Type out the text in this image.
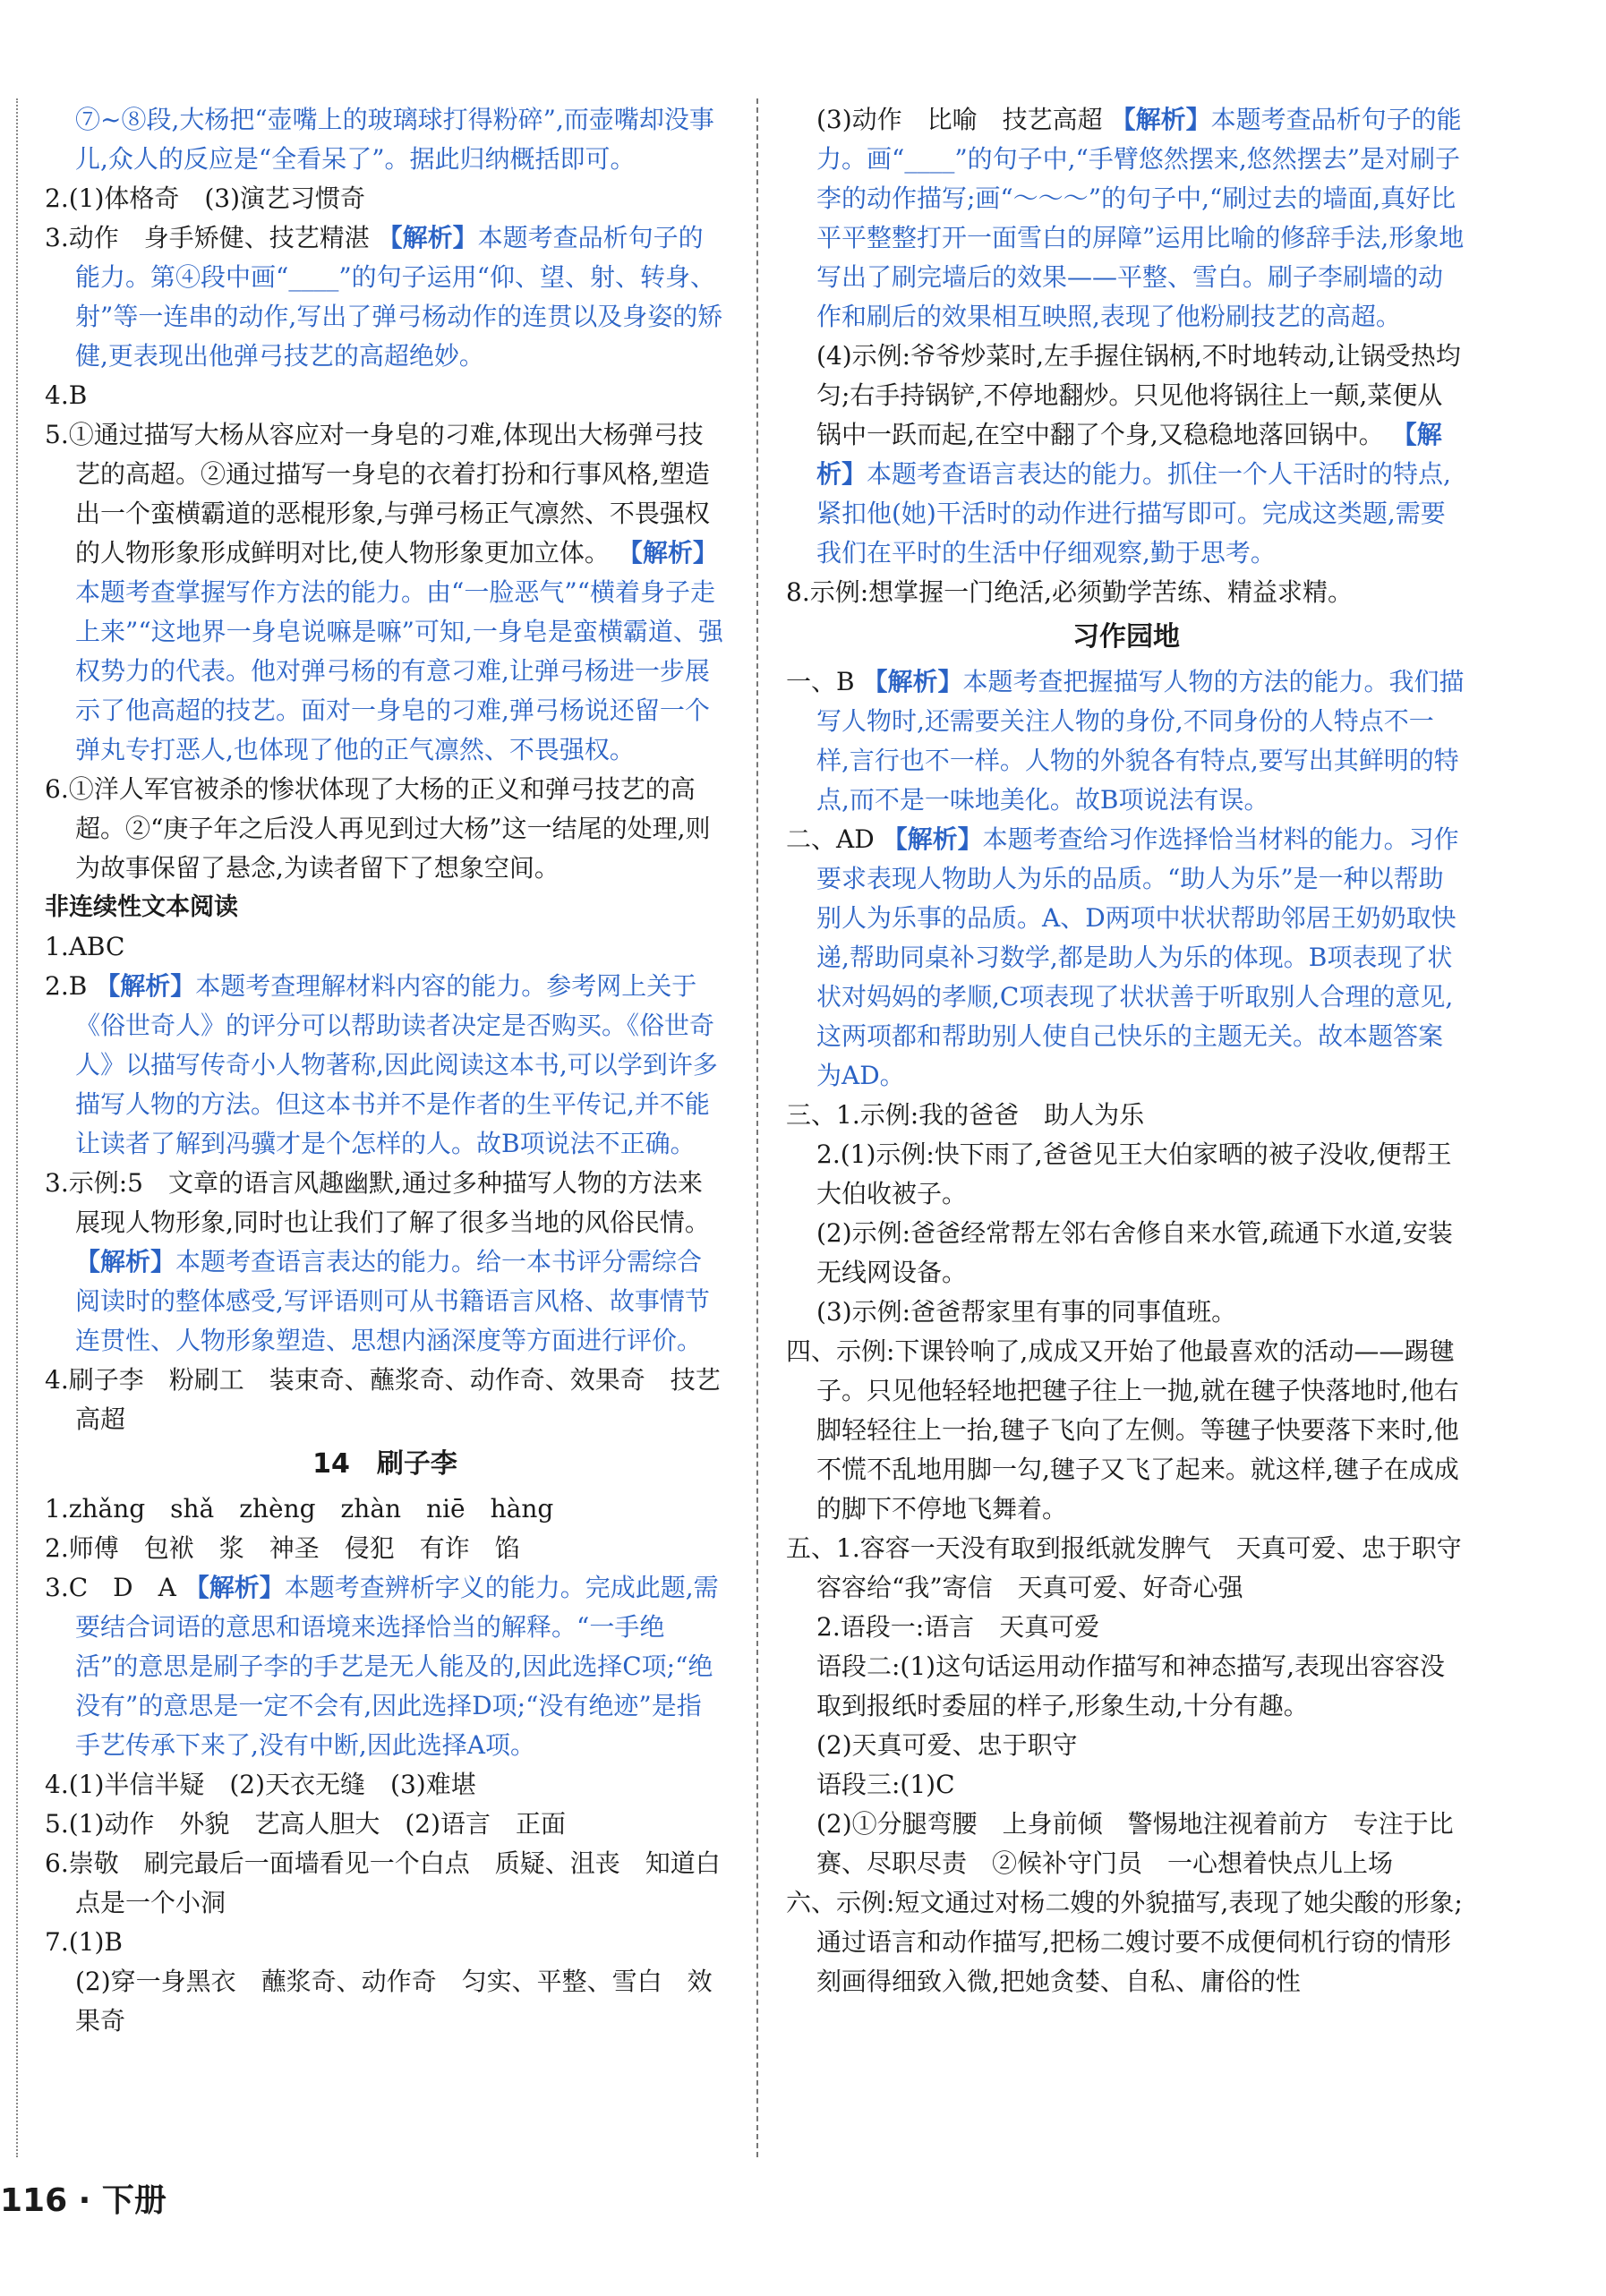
⑦~⑧段,大杨把“壶嘴上的玻璃球打得粉碎”,而壶嘴却没事儿,众人的反应是“全看呆了”。据此归纳概括即可。

2.(1)体格奇　(3)演艺习惯奇

3.动作　身手矫健、技艺精湛 【解析】本题考查品析句子的能力。第④段中画“____”的句子运用“仰、望、射、转身、射”等一连串的动作,写出了弹弓杨动作的连贯以及身姿的矫健,更表现出他弹弓技艺的高超绝妙。

4.B

5.①通过描写大杨从容应对一身皂的刁难,体现出大杨弹弓技艺的高超。②通过描写一身皂的衣着打扮和行事风格,塑造出一个蛮横霸道的恶棍形象,与弹弓杨正气凛然、不畏强权的人物形象形成鲜明对比,使人物形象更加立体。 【解析】本题考查掌握写作方法的能力。由“一脸恶气”“横着身子走上来”“这地界一身皂说嘛是嘛”可知,一身皂是蛮横霸道、强权势力的代表。他对弹弓杨的有意刁难,让弹弓杨进一步展示了他高超的技艺。面对一身皂的刁难,弹弓杨说还留一个弹丸专打恶人,也体现了他的正气凛然、不畏强权。

6.①洋人军官被杀的惨状体现了大杨的正义和弹弓技艺的高超。②“庚子年之后没人再见到过大杨”这一结尾的处理,则为故事保留了悬念,为读者留下了想象空间。

非连续性文本阅读

1.ABC

2.B 【解析】本题考查理解材料内容的能力。参考网上关于《俗世奇人》的评分可以帮助读者决定是否购买。《俗世奇人》以描写传奇小人物著称,因此阅读这本书,可以学到许多描写人物的方法。但这本书并不是作者的生平传记,并不能让读者了解到冯骥才是个怎样的人。故B项说法不正确。

3.示例:5　文章的语言风趣幽默,通过多种描写人物的方法来展现人物形象,同时也让我们了解了很多当地的风俗民情。 【解析】本题考查语言表达的能力。给一本书评分需综合阅读时的整体感受,写评语则可从书籍语言风格、故事情节连贯性、人物形象塑造、思想内涵深度等方面进行评价。

4.刷子李　粉刷工　装束奇、蘸浆奇、动作奇、效果奇　技艺高超

14　刷子李

1.zhǎng　shǎ　zhèng　zhàn　niē　hàng

2.师傅　包袱　浆　神圣　侵犯　有诈　馅

3.C　D　A 【解析】本题考查辨析字义的能力。完成此题,需要结合词语的意思和语境来选择恰当的解释。“一手绝活”的意思是刷子李的手艺是无人能及的,因此选择C项;“绝没有”的意思是一定不会有,因此选择D项;“没有绝迹”是指手艺传承下来了,没有中断,因此选择A项。

4.(1)半信半疑　(2)天衣无缝　(3)难堪

5.(1)动作　外貌　艺高人胆大　(2)语言　正面

6.崇敬　刷完最后一面墙看见一个白点　质疑、沮丧　知道白点是一个小洞

7.(1)B

(2)穿一身黑衣　蘸浆奇、动作奇　匀实、平整、雪白　效果奇

(3)动作　比喻　技艺高超 【解析】本题考查品析句子的能力。画“____”的句子中,“手臂悠然摆来,悠然摆去”是对刷子李的动作描写;画“～～～”的句子中,“刷过去的墙面,真好比平平整整打开一面雪白的屏障”运用比喻的修辞手法,形象地写出了刷完墙后的效果——平整、雪白。刷子李刷墙的动作和刷后的效果相互映照,表现了他粉刷技艺的高超。

(4)示例:爷爷炒菜时,左手握住锅柄,不时地转动,让锅受热均匀;右手持锅铲,不停地翻炒。只见他将锅往上一颠,菜便从锅中一跃而起,在空中翻了个身,又稳稳地落回锅中。 【解析】本题考查语言表达的能力。抓住一个人干活时的特点,紧扣他(她)干活时的动作进行描写即可。完成这类题,需要我们在平时的生活中仔细观察,勤于思考。

8.示例:想掌握一门绝活,必须勤学苦练、精益求精。

习作园地

一、B 【解析】本题考查把握描写人物的方法的能力。我们描写人物时,还需要关注人物的身份,不同身份的人特点不一样,言行也不一样。人物的外貌各有特点,要写出其鲜明的特点,而不是一味地美化。故B项说法有误。

二、AD 【解析】本题考查给习作选择恰当材料的能力。习作要求表现人物助人为乐的品质。“助人为乐”是一种以帮助别人为乐事的品质。A、D两项中状状帮助邻居王奶奶取快递,帮助同桌补习数学,都是助人为乐的体现。B项表现了状状对妈妈的孝顺,C项表现了状状善于听取别人合理的意见,这两项都和帮助别人使自己快乐的主题无关。故本题答案为AD。

三、1.示例:我的爸爸　助人为乐

2.(1)示例:快下雨了,爸爸见王大伯家晒的被子没收,便帮王大伯收被子。

(2)示例:爸爸经常帮左邻右舍修自来水管,疏通下水道,安装无线网设备。

(3)示例:爸爸帮家里有事的同事值班。

四、示例:下课铃响了,成成又开始了他最喜欢的活动——踢毽子。只见他轻轻地把毽子往上一抛,就在毽子快落地时,他右脚轻轻往上一抬,毽子飞向了左侧。等毽子快要落下来时,他不慌不乱地用脚一勾,毽子又飞了起来。就这样,毽子在成成的脚下不停地飞舞着。

五、1.容容一天没有取到报纸就发脾气　天真可爱、忠于职守　容容给“我”寄信　天真可爱、好奇心强

2.语段一:语言　天真可爱

语段二:(1)这句话运用动作描写和神态描写,表现出容容没取到报纸时委屈的样子,形象生动,十分有趣。

(2)天真可爱、忠于职守

语段三:(1)C

(2)①分腿弯腰　上身前倾　警惕地注视着前方　专注于比赛、尽职尽责　②候补守门员　一心想着快点儿上场

六、示例:短文通过对杨二嫂的外貌描写,表现了她尖酸的形象;通过语言和动作描写,把杨二嫂讨要不成便伺机行窃的情形刻画得细致入微,把她贪婪、自私、庸俗的性

116 · 下册
